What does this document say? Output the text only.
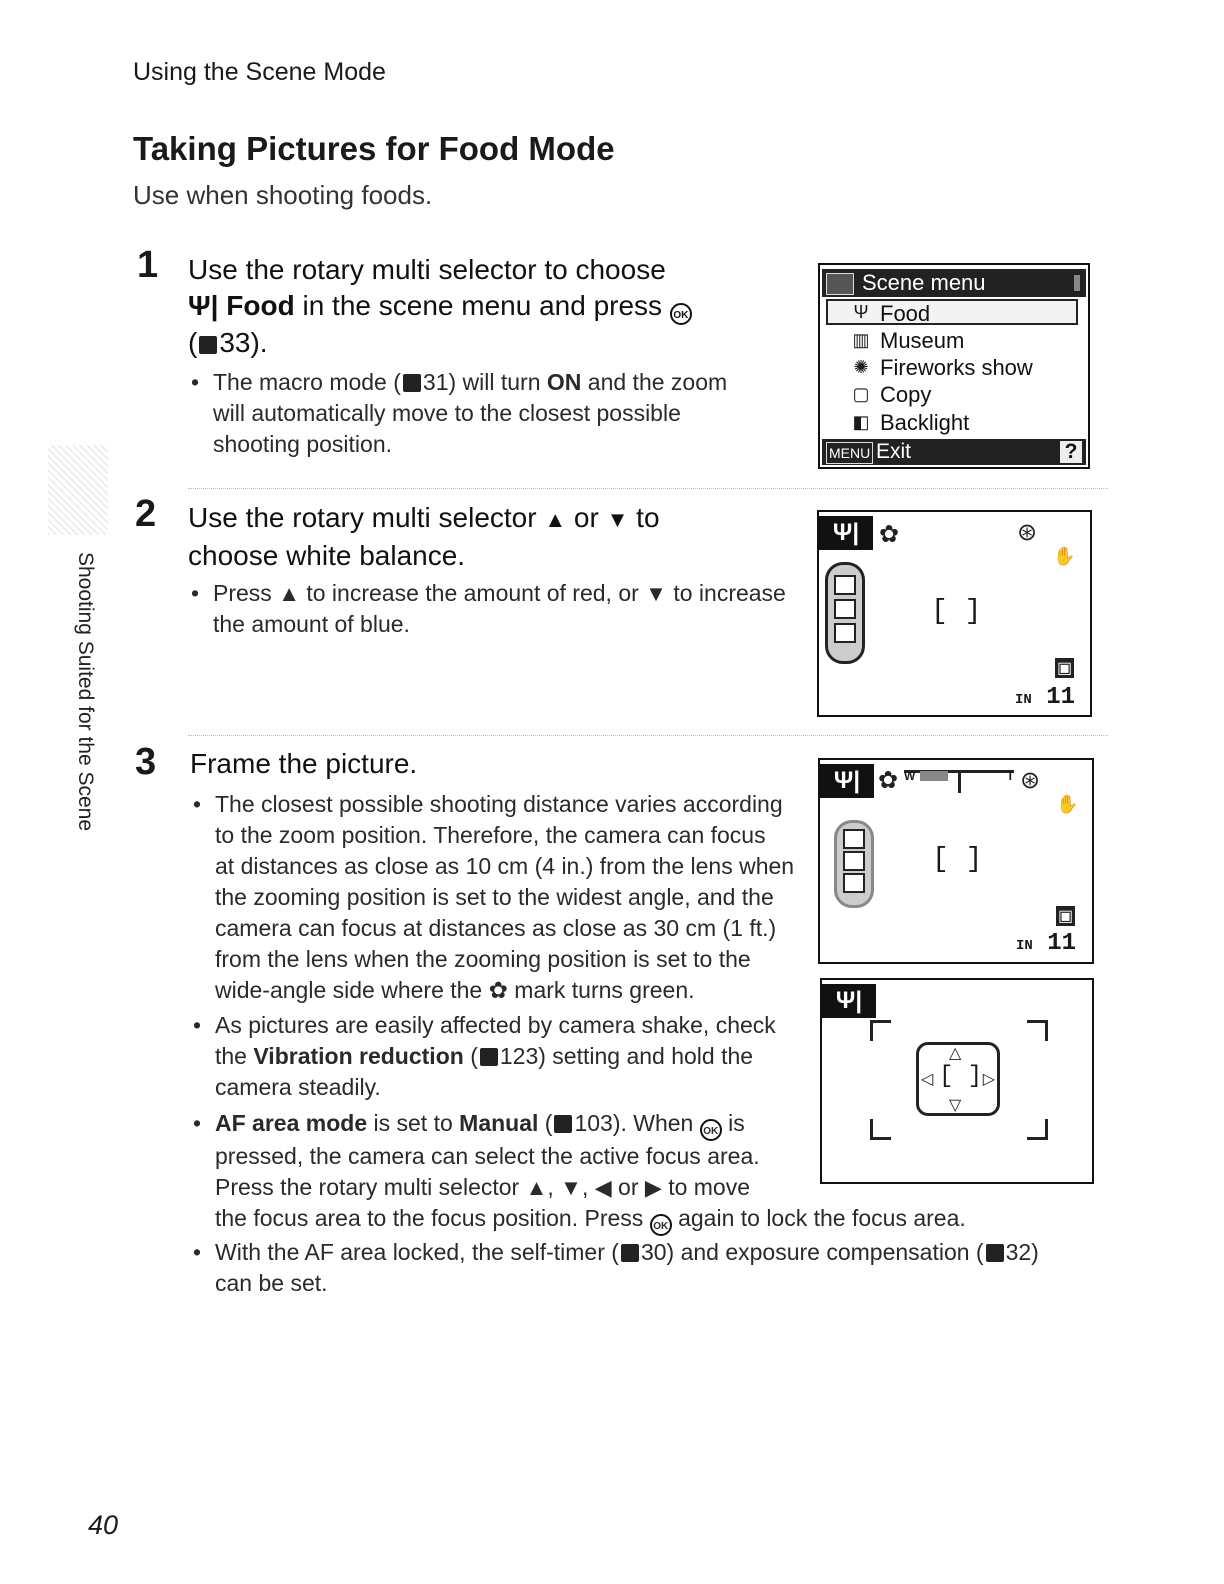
Using the Scene Mode
Taking Pictures for Food Mode
Use when shooting foods.
Shooting Suited for the Scene
1 Use the rotary multi selector to choose
Ψ| Food in the scene menu and press OK
( 33).
• The macro mode ( 31) will turn ON and the zoom
will automatically move to the closest possible
shooting position.
Scene menu
Ψ Food
▥ Museum
✺ Fireworks show
▢ Copy
◧ Backlight
MENU Exit	?
2 Use the rotary multi selector ▲ or ▼ to
choose white balance.
• Press ▲ to increase the amount of red, or ▼ to increase
the amount of blue.
Ψ| ✿	⊛
✋
[ ]
▣
IN 11
3 Frame the picture.
• The closest possible shooting distance varies according
to the zoom position. Therefore, the camera can focus
at distances as close as 10 cm (4 in.) from the lens when
the zooming position is set to the widest angle, and the
camera can focus at distances as close as 30 cm (1 ft.)
from the lens when the zooming position is set to the
wide-angle side where the ✿ mark turns green.
• As pictures are easily affected by camera shake, check
the Vibration reduction ( 123) setting and hold the
camera steadily.
• AF area mode is set to Manual ( 103). When OK is
pressed, the camera can select the active focus area.
Press the rotary multi selector ▲, ▼, ◀ or ▶ to move
the focus area to the focus position. Press OK again to lock the focus area.
• With the AF area locked, the self-timer ( 30) and exposure compensation ( 32)
can be set.
Ψ| ✿ W	T ⊛
✋
[ ]
▣
IN 11
Ψ|
△
▽
◁	▷
[ ]
40
